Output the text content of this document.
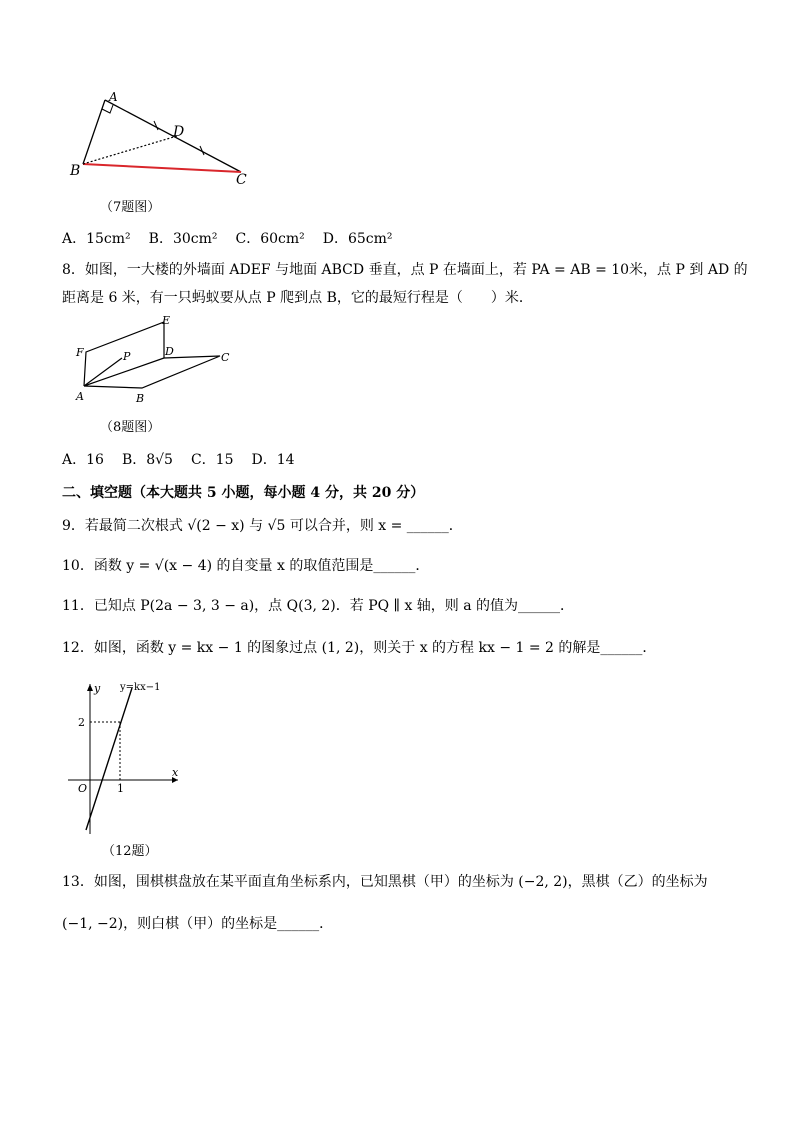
A
B
C
D
（7题图）
A．15cm² B．30cm² C．60cm² D．65cm²
8．如图，一大楼的外墙面 ADEF 与地面 ABCD 垂直，点 P 在墙面上，若 PA = AB = 10米，点 P 到 AD 的
距离是 6 米，有一只蚂蚁要从点 P 爬到点 B，它的最短行程是（　　）米．
A	B
C
D
E
F	P
（8题图）
A．16 B．8√5 C．15 D．14
二、填空题（本大题共 5 小题，每小题 4 分，共 20 分）
9．若最简二次根式 √(2 − x) 与 √5 可以合并，则 x = ______．
10．函数 y = √(x − 4) 的自变量 x 的取值范围是______．
11．已知点 P(2a − 3, 3 − a)，点 Q(3, 2)．若 PQ ∥ x 轴，则 a 的值为______．
12．如图，函数 y = kx − 1 的图象过点 (1, 2)，则关于 x 的方程 kx − 1 = 2 的解是______．
y
x
O
2
1
y=kx−1
（12题）
13．如图，围棋棋盘放在某平面直角坐标系内，已知黑棋（甲）的坐标为 (−2, 2)，黑棋（乙）的坐标为
(−1, −2)，则白棋（甲）的坐标是______．
